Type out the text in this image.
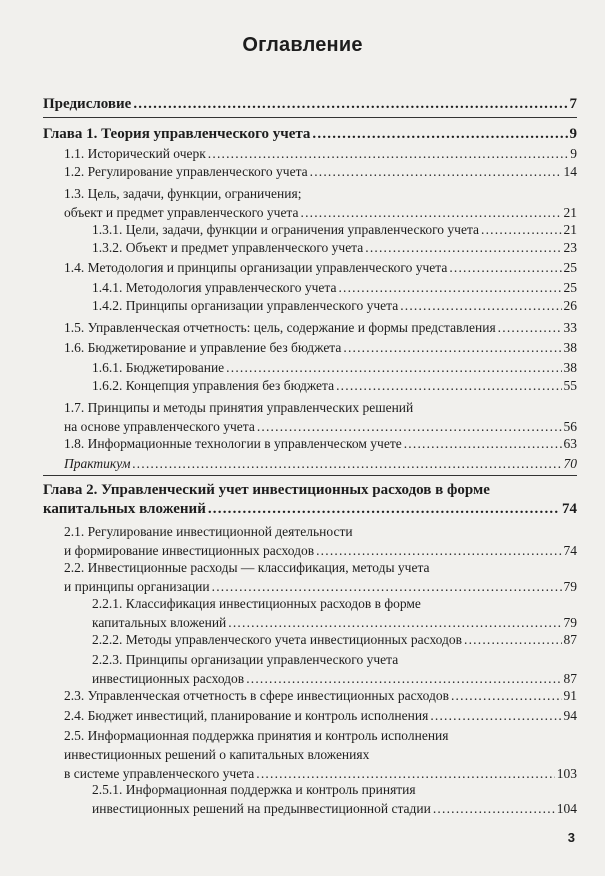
Оглавление
Предисловие .....	7
Глава 1. Теория управленческого учета .....	9
1.1. Исторический очерк .....	9
1.2. Регулирование управленческого учета .....	14
1.3. Цель, задачи, функции, ограничения;
объект и предмет управленческого учета .....	21
1.3.1. Цели, задачи, функции и ограничения управленческого учета .....	21
1.3.2. Объект и предмет управленческого учета .....	23
1.4. Методология и принципы организации управленческого учета .....	25
1.4.1. Методология управленческого учета .....	25
1.4.2. Принципы организации управленческого учета .....	26
1.5. Управленческая отчетность: цель, содержание и формы представления .....	33
1.6. Бюджетирование и управление без бюджета .....	38
1.6.1. Бюджетирование .....	38
1.6.2. Концепция управления без бюджета .....	55
1.7. Принципы и методы принятия управленческих решений
на основе управленческого учета .....	56
1.8. Информационные технологии в управленческом учете .....	63
Практикум .....	70
Глава 2. Управленческий учет инвестиционных расходов в форме
капитальных вложений .....	74
2.1. Регулирование инвестиционной деятельности
и формирование инвестиционных расходов .....	74
2.2. Инвестиционные расходы — классификация, методы учета
и принципы организации .....	79
2.2.1. Классификация инвестиционных расходов в форме
капитальных вложений .....	79
2.2.2. Методы управленческого учета инвестиционных расходов .....	87
2.2.3. Принципы организации управленческого учета
инвестиционных расходов .....	87
2.3. Управленческая отчетность в сфере инвестиционных расходов .....	91
2.4. Бюджет инвестиций, планирование и контроль исполнения .....	94
2.5. Информационная поддержка принятия и контроль исполнения
инвестиционных решений о капитальных вложениях
в системе управленческого учета .....	103
2.5.1. Информационная поддержка и контроль принятия
инвестиционных решений на предынвестиционной стадии .....	104
3
